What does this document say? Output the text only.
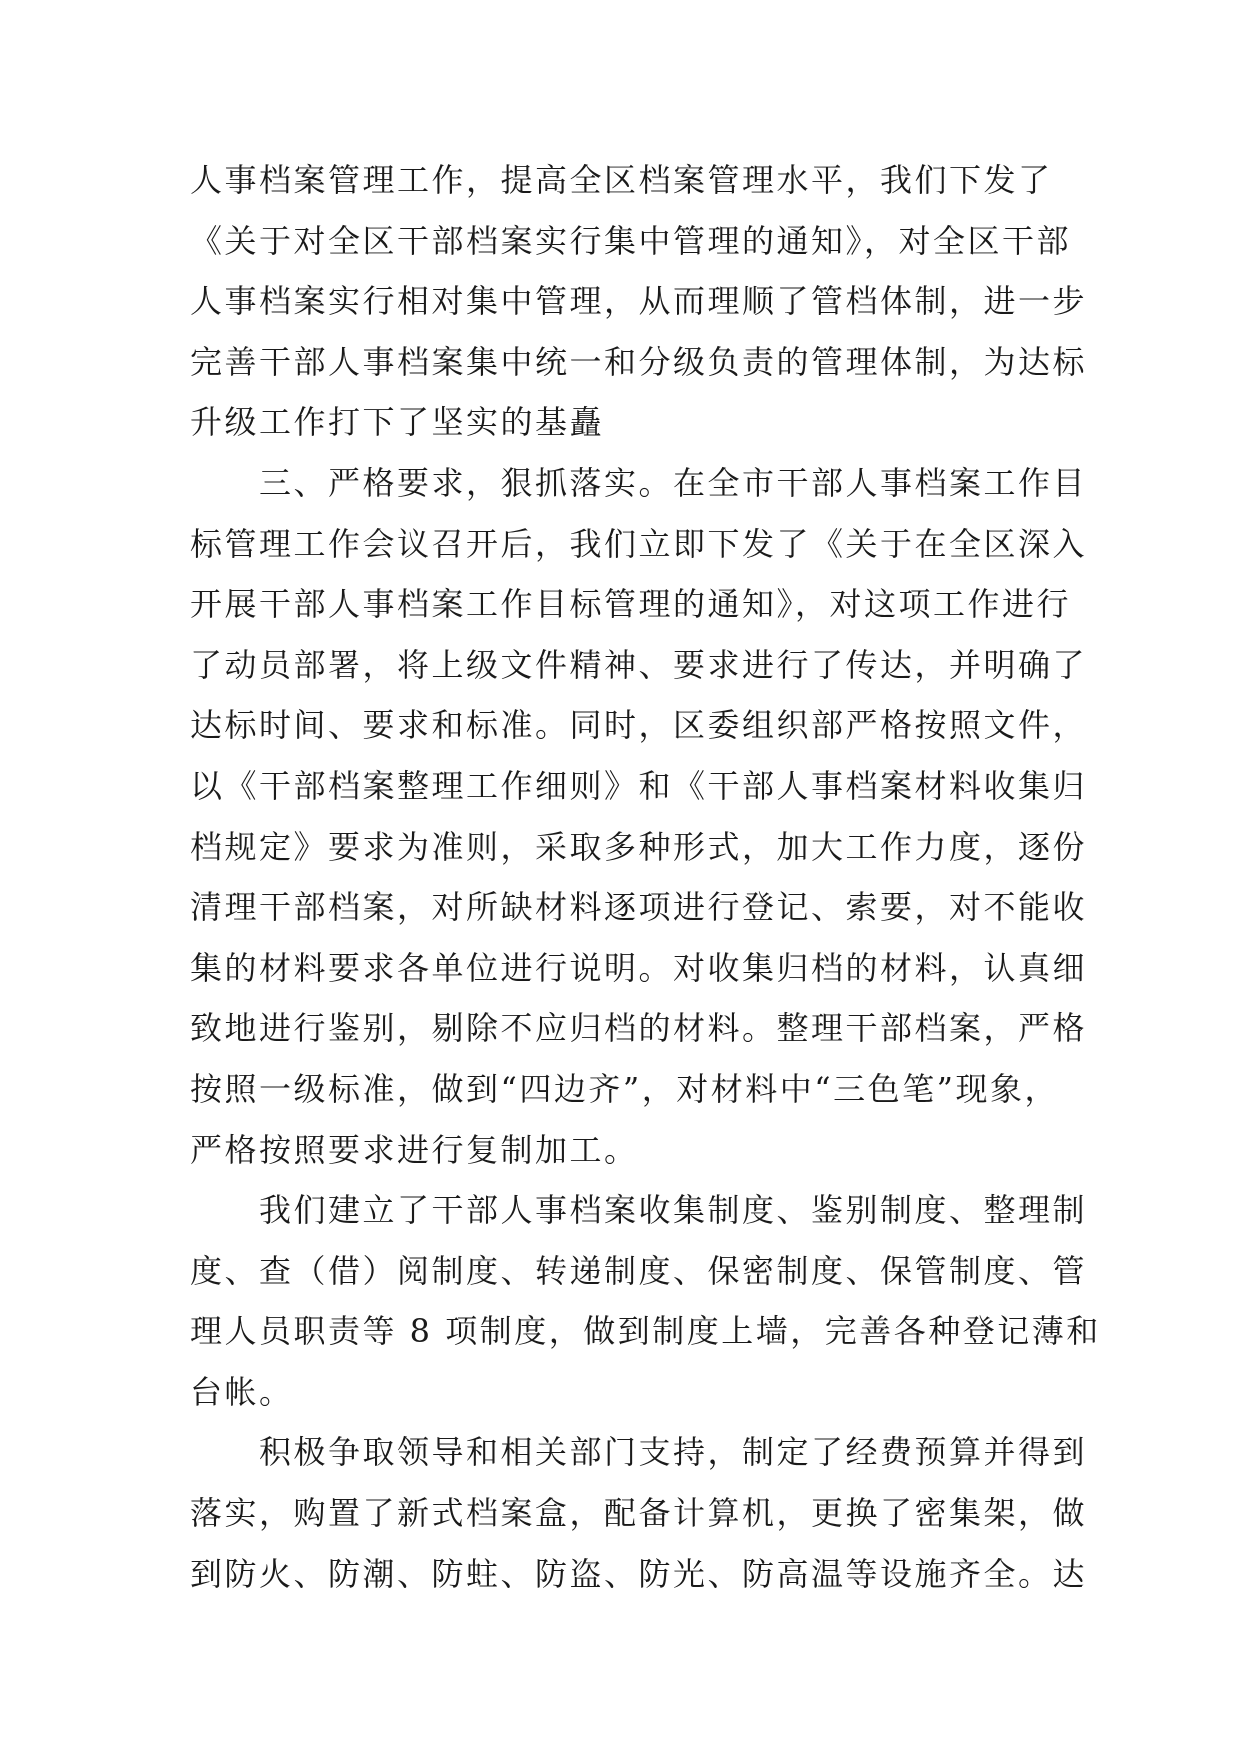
人事档案管理工作，提高全区档案管理水平，我们下发了
《关于对全区干部档案实行集中管理的通知》，对全区干部
人事档案实行相对集中管理，从而理顺了管档体制，进一步
完善干部人事档案集中统一和分级负责的管理体制，为达标
升级工作打下了坚实的基矗
　　三、严格要求，狠抓落实。在全市干部人事档案工作目
标管理工作会议召开后，我们立即下发了《关于在全区深入
开展干部人事档案工作目标管理的通知》，对这项工作进行
了动员部署，将上级文件精神、要求进行了传达，并明确了
达标时间、要求和标准。同时，区委组织部严格按照文件，
以《干部档案整理工作细则》和《干部人事档案材料收集归
档规定》要求为准则，采取多种形式，加大工作力度，逐份
清理干部档案，对所缺材料逐项进行登记、索要，对不能收
集的材料要求各单位进行说明。对收集归档的材料，认真细
致地进行鉴别，剔除不应归档的材料。整理干部档案，严格
按照一级标准，做到“四边齐”，对材料中“三色笔”现象，
严格按照要求进行复制加工。
　　我们建立了干部人事档案收集制度、鉴别制度、整理制
度、查（借）阅制度、转递制度、保密制度、保管制度、管
理人员职责等 8 项制度，做到制度上墙，完善各种登记薄和
台帐。
　　积极争取领导和相关部门支持，制定了经费预算并得到
落实，购置了新式档案盒，配备计算机，更换了密集架，做
到防火、防潮、防蛀、防盗、防光、防高温等设施齐全。达
